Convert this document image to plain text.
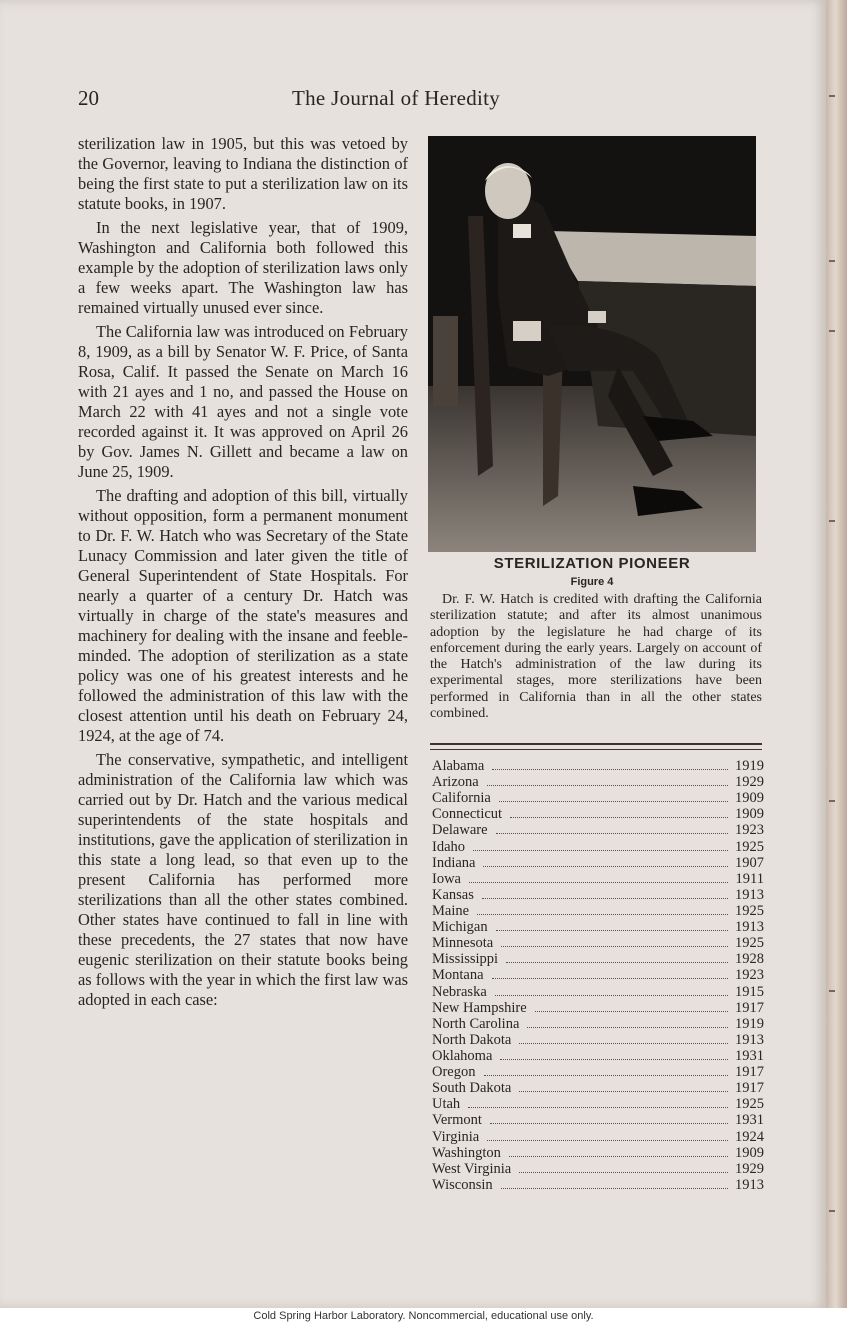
20	The Journal of Heredity

sterilization law in 1905, but this was vetoed by the Governor, leaving to Indiana the distinction of being the first state to put a sterilization law on its statute books, in 1907.

In the next legislative year, that of 1909, Washington and California both followed this example by the adoption of sterilization laws only a few weeks apart. The Washington law has remained virtually unused ever since.

The California law was introduced on February 8, 1909, as a bill by Senator W. F. Price, of Santa Rosa, Calif. It passed the Senate on March 16 with 21 ayes and 1 no, and passed the House on March 22 with 41 ayes and not a single vote recorded against it. It was approved on April 26 by Gov. James N. Gillett and became a law on June 25, 1909.

The drafting and adoption of this bill, virtually without opposition, form a permanent monument to Dr. F. W. Hatch who was Secretary of the State Lunacy Commission and later given the title of General Superintendent of State Hospitals. For nearly a quarter of a century Dr. Hatch was virtually in charge of the state's measures and machinery for dealing with the insane and feeble-minded. The adoption of sterilization as a state policy was one of his greatest interests and he followed the administration of this law with the closest attention until his death on February 24, 1924, at the age of 74.

The conservative, sympathetic, and intelligent administration of the California law which was carried out by Dr. Hatch and the various medical superintendents of the state hospitals and institutions, gave the application of sterilization in this state a long lead, so that even up to the present California has performed more sterilizations than all the other states combined. Other states have continued to fall in line with these precedents, the 27 states that now have eugenic sterilization on their statute books being as follows with the year in which the first law was adopted in each case:

STERILIZATION PIONEER
Figure 4
Dr. F. W. Hatch is credited with drafting the California sterilization statute; and after its almost unanimous adoption by the legislature he had charge of its enforcement during the early years. Largely on account of the Hatch's administration of the law during its experimental stages, more sterilizations have been performed in California than in all the other states combined.
Alabama	1919
Arizona	1929
California	1909
Connecticut	1909
Delaware	1923
Idaho	1925
Indiana	1907
Iowa	1911
Kansas	1913
Maine	1925
Michigan	1913
Minnesota	1925
Mississippi	1928
Montana	1923
Nebraska	1915
New Hampshire	1917
North Carolina	1919
North Dakota	1913
Oklahoma	1931
Oregon	1917
South Dakota	1917
Utah	1925
Vermont	1931
Virginia	1924
Washington	1909
West Virginia	1929
Wisconsin	1913
Cold Spring Harbor Laboratory. Noncommercial, educational use only.
